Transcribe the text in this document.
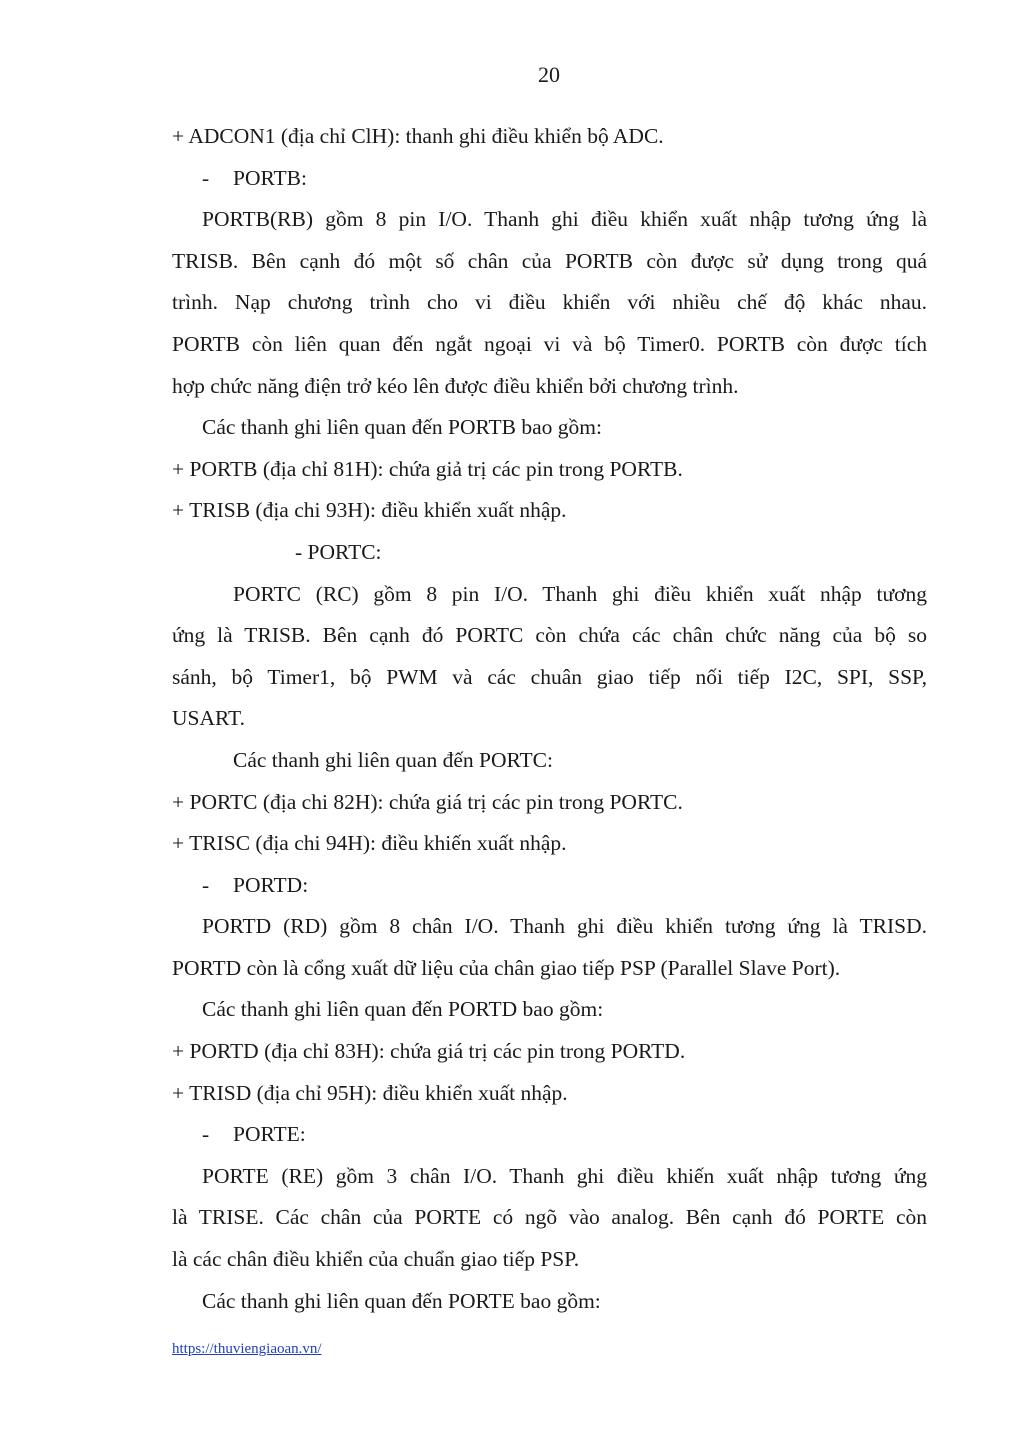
20
+ ADCON1 (địa chỉ ClH): thanh ghi điều khiển bộ ADC.
- PORTB:
PORTB(RB) gồm 8 pin I/O. Thanh ghi điều khiển xuất nhập tương ứng là
TRISB. Bên cạnh đó một số chân của PORTB còn được sử dụng trong quá
trình. Nạp chương trình cho vi điều khiển với nhiều chế độ khác nhau.
PORTB còn liên quan đến ngắt ngoại vi và bộ Timer0. PORTB còn được tích
hợp chức năng điện trở kéo lên được điều khiển bởi chương trình.
Các thanh ghi liên quan đến PORTB bao gồm:
+ PORTB (địa chỉ 81H): chứa giả trị các pin trong PORTB.
+ TRISB (địa chi 93H): điều khiển xuất nhập.
- PORTC:
PORTC (RC) gồm 8 pin I/O. Thanh ghi điều khiển xuất nhập tương
ứng là TRISB. Bên cạnh đó PORTC còn chứa các chân chức năng của bộ so
sánh, bộ Timer1, bộ PWM và các chuân giao tiếp nối tiếp I2C, SPI, SSP,
USART.
Các thanh ghi liên quan đến PORTC:
+ PORTC (địa chi 82H): chứa giá trị các pin trong PORTC.
+ TRISC (địa chi 94H): điều khiến xuất nhập.
- PORTD:
PORTD (RD) gồm 8 chân I/O. Thanh ghi điều khiển tương ứng là TRISD.
PORTD còn là cổng xuất dữ liệu của chân giao tiếp PSP (Parallel Slave Port).
Các thanh ghi liên quan đến PORTD bao gồm:
+ PORTD (địa chỉ 83H): chứa giá trị các pin trong PORTD.
+ TRISD (địa chỉ 95H): điều khiển xuất nhập.
- PORTE:
PORTE (RE) gồm 3 chân I/O. Thanh ghi điều khiến xuất nhập tương ứng
là TRISE. Các chân của PORTE có ngõ vào analog. Bên cạnh đó PORTE còn
là các chân điều khiển của chuẩn giao tiếp PSP.
Các thanh ghi liên quan đến PORTE bao gồm:
https://thuviengiaoan.vn/
